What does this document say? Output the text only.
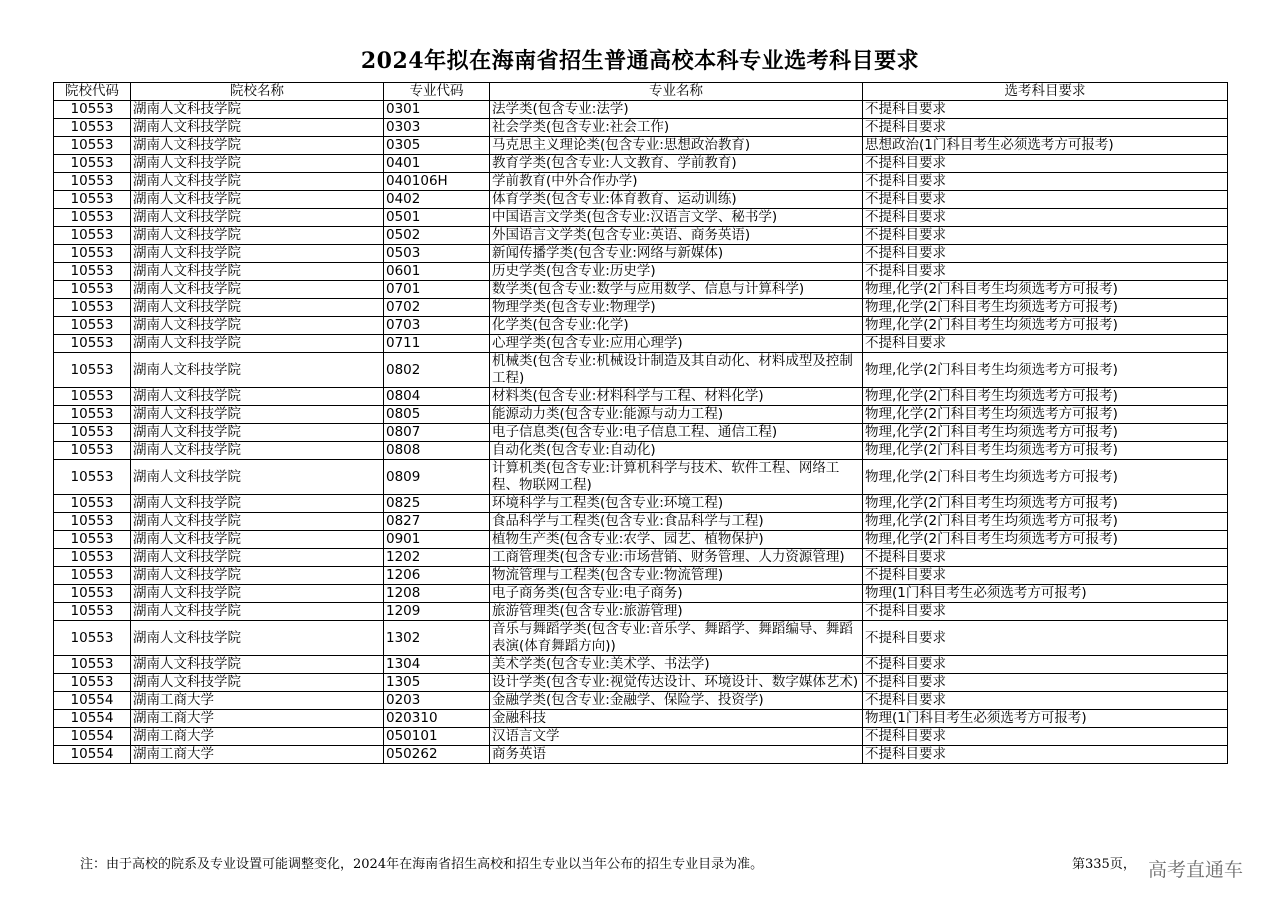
2024年拟在海南省招生普通高校本科专业选考科目要求
院校代码	院校名称	专业代码	专业名称	选考科目要求
10553	湖南人文科技学院	0301	法学类(包含专业:法学)	不提科目要求
10553	湖南人文科技学院	0303	社会学类(包含专业:社会工作)	不提科目要求
10553	湖南人文科技学院	0305	马克思主义理论类(包含专业:思想政治教育)	思想政治(1门科目考生必须选考方可报考)
10553	湖南人文科技学院	0401	教育学类(包含专业:人文教育、学前教育)	不提科目要求
10553	湖南人文科技学院	040106H	学前教育(中外合作办学)	不提科目要求
10553	湖南人文科技学院	0402	体育学类(包含专业:体育教育、运动训练)	不提科目要求
10553	湖南人文科技学院	0501	中国语言文学类(包含专业:汉语言文学、秘书学)	不提科目要求
10553	湖南人文科技学院	0502	外国语言文学类(包含专业:英语、商务英语)	不提科目要求
10553	湖南人文科技学院	0503	新闻传播学类(包含专业:网络与新媒体)	不提科目要求
10553	湖南人文科技学院	0601	历史学类(包含专业:历史学)	不提科目要求
10553	湖南人文科技学院	0701	数学类(包含专业:数学与应用数学、信息与计算科学)	物理,化学(2门科目考生均须选考方可报考)
10553	湖南人文科技学院	0702	物理学类(包含专业:物理学)	物理,化学(2门科目考生均须选考方可报考)
10553	湖南人文科技学院	0703	化学类(包含专业:化学)	物理,化学(2门科目考生均须选考方可报考)
10553	湖南人文科技学院	0711	心理学类(包含专业:应用心理学)	不提科目要求
10553	湖南人文科技学院	0802	机械类(包含专业:机械设计制造及其自动化、材料成型及控制工程)	物理,化学(2门科目考生均须选考方可报考)
10553	湖南人文科技学院	0804	材料类(包含专业:材料科学与工程、材料化学)	物理,化学(2门科目考生均须选考方可报考)
10553	湖南人文科技学院	0805	能源动力类(包含专业:能源与动力工程)	物理,化学(2门科目考生均须选考方可报考)
10553	湖南人文科技学院	0807	电子信息类(包含专业:电子信息工程、通信工程)	物理,化学(2门科目考生均须选考方可报考)
10553	湖南人文科技学院	0808	自动化类(包含专业:自动化)	物理,化学(2门科目考生均须选考方可报考)
10553	湖南人文科技学院	0809	计算机类(包含专业:计算机科学与技术、软件工程、网络工程、物联网工程)	物理,化学(2门科目考生均须选考方可报考)
10553	湖南人文科技学院	0825	环境科学与工程类(包含专业:环境工程)	物理,化学(2门科目考生均须选考方可报考)
10553	湖南人文科技学院	0827	食品科学与工程类(包含专业:食品科学与工程)	物理,化学(2门科目考生均须选考方可报考)
10553	湖南人文科技学院	0901	植物生产类(包含专业:农学、园艺、植物保护)	物理,化学(2门科目考生均须选考方可报考)
10553	湖南人文科技学院	1202	工商管理类(包含专业:市场营销、财务管理、人力资源管理)	不提科目要求
10553	湖南人文科技学院	1206	物流管理与工程类(包含专业:物流管理)	不提科目要求
10553	湖南人文科技学院	1208	电子商务类(包含专业:电子商务)	物理(1门科目考生必须选考方可报考)
10553	湖南人文科技学院	1209	旅游管理类(包含专业:旅游管理)	不提科目要求
10553	湖南人文科技学院	1302	音乐与舞蹈学类(包含专业:音乐学、舞蹈学、舞蹈编导、舞蹈表演(体育舞蹈方向))	不提科目要求
10553	湖南人文科技学院	1304	美术学类(包含专业:美术学、书法学)	不提科目要求
10553	湖南人文科技学院	1305	设计学类(包含专业:视觉传达设计、环境设计、数字媒体艺术)	不提科目要求
10554	湖南工商大学	0203	金融学类(包含专业:金融学、保险学、投资学)	不提科目要求
10554	湖南工商大学	020310	金融科技	物理(1门科目考生必须选考方可报考)
10554	湖南工商大学	050101	汉语言文学	不提科目要求
10554	湖南工商大学	050262	商务英语	不提科目要求
注：由于高校的院系及专业设置可能调整变化，2024年在海南省招生高校和招生专业以当年公布的招生专业目录为准。	第335页， 高考直通车
